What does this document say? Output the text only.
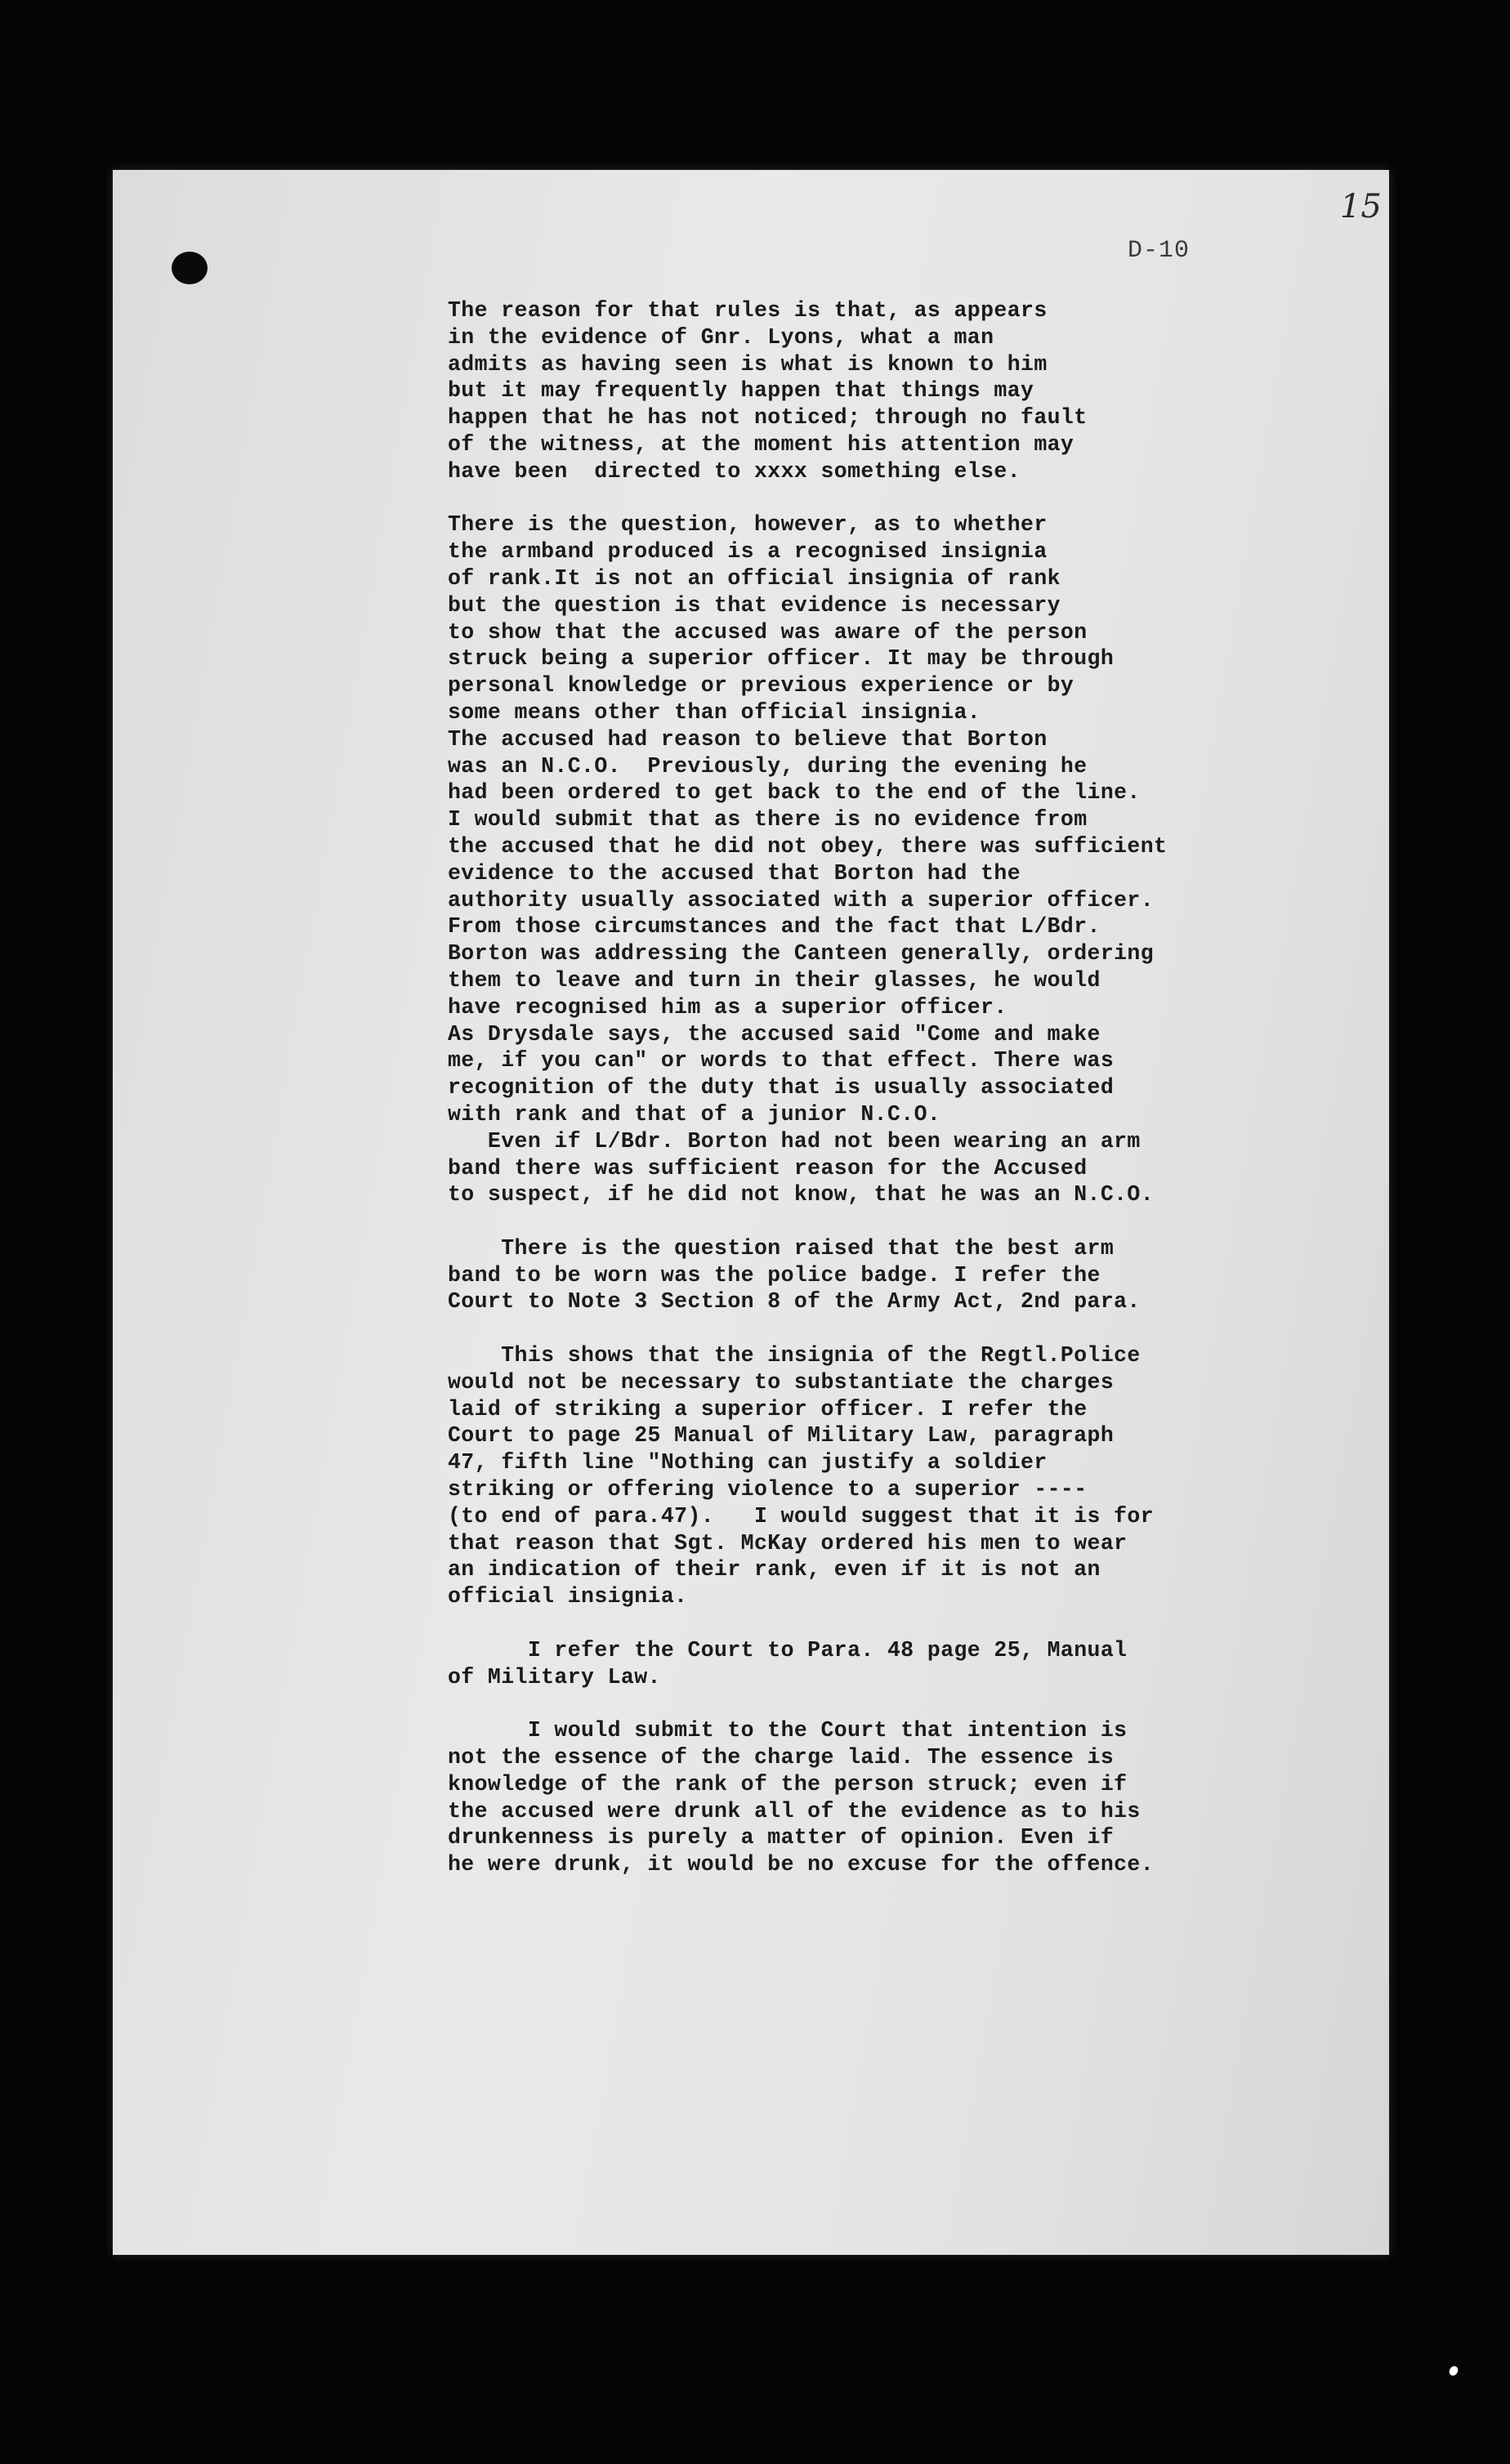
15
D-10
The reason for that rules is that, as appears
in the evidence of Gnr. Lyons, what a man
admits as having seen is what is known to him
but it may frequently happen that things may
happen that he has not noticed; through no fault
of the witness, at the moment his attention may
have been  directed to xxxx something else.
There is the question, however, as to whether
the armband produced is a recognised insignia
of rank.It is not an official insignia of rank
but the question is that evidence is necessary
to show that the accused was aware of the person
struck being a superior officer. It may be through
personal knowledge or previous experience or by
some means other than official insignia.
The accused had reason to believe that Borton
was an N.C.O.  Previously, during the evening he
had been ordered to get back to the end of the line.
I would submit that as there is no evidence from
the accused that he did not obey, there was sufficient
evidence to the accused that Borton had the
authority usually associated with a superior officer.
From those circumstances and the fact that L/Bdr.
Borton was addressing the Canteen generally, ordering
them to leave and turn in their glasses, he would
have recognised him as a superior officer.
As Drysdale says, the accused said "Come and make
me, if you can" or words to that effect. There was
recognition of the duty that is usually associated
with rank and that of a junior N.C.O.
Even if L/Bdr. Borton had not been wearing an arm
band there was sufficient reason for the Accused
to suspect, if he did not know, that he was an N.C.O.
There is the question raised that the best arm
band to be worn was the police badge. I refer the
Court to Note 3 Section 8 of the Army Act, 2nd para.
This shows that the insignia of the Regtl.Police
would not be necessary to substantiate the charges
laid of striking a superior officer. I refer the
Court to page 25 Manual of Military Law, paragraph
47, fifth line "Nothing can justify a soldier
striking or offering violence to a superior ----
(to end of para.47).   I would suggest that it is for
that reason that Sgt. McKay ordered his men to wear
an indication of their rank, even if it is not an
official insignia.
I refer the Court to Para. 48 page 25, Manual
of Military Law.
I would submit to the Court that intention is
not the essence of the charge laid. The essence is
knowledge of the rank of the person struck; even if
the accused were drunk all of the evidence as to his
drunkenness is purely a matter of opinion. Even if
he were drunk, it would be no excuse for the offence.
